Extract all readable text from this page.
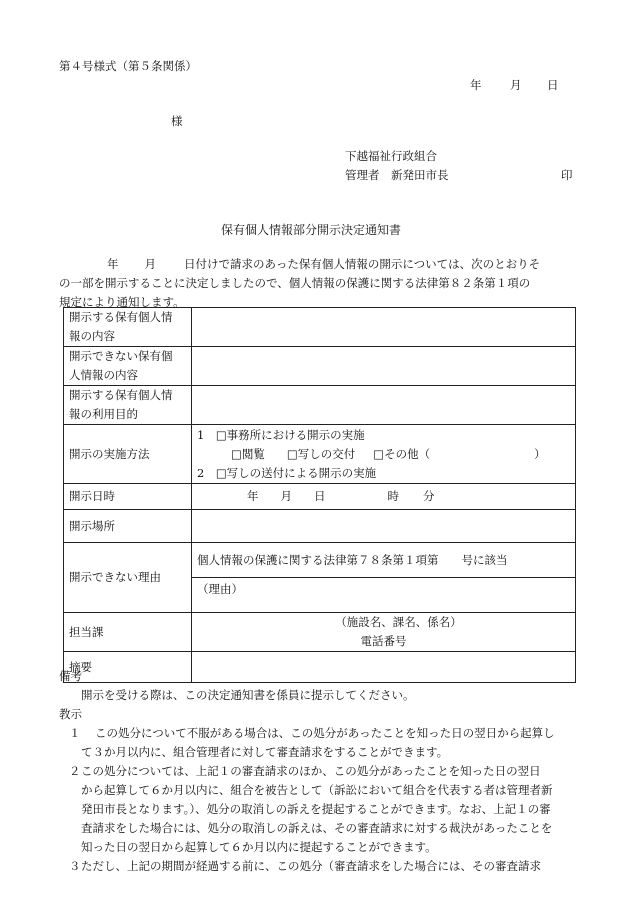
第４号様式（第５条関係）
年 月 日
様
下越福祉行政組合
管理者　新発田市長	印
保有個人情報部分開示決定通知書
年 月 日付けで請求のあった保有個人情報の開示については、次のとおりそ
の一部を開示することに決定しましたので、個人情報の保護に関する法律第８２条第１項の
規定により通知します。
開示する保有個人情
報の内容	

開示できない保有個
人情報の内容	

開示する保有個人情
報の利用目的	

開示の実施方法	1　□事務所における開示の実施
□閲覧 □写しの交付 □その他（ ）
2　□写しの送付による開示の実施

開示日時	年 月 日 時 分
開示場所	
開示できない理由	個人情報の保護に関する法律第７８条第１項第　　号に該当
（理由）

担当課	（施設名、課名、係名）
電話番号

摘要	
備考
開示を受ける際は、この決定通知書を係員に提示してください。
教示
１	この処分について不服がある場合は、この処分があったことを知った日の翌日から起算し
て３か月以内に、組合管理者に対して審査請求をすることができます。
２ この処分については、上記１の審査請求のほか、この処分があったことを知った日の翌日
から起算して６か月以内に、組合を被告として（訴訟において組合を代表する者は管理者新
発田市長となります。）、処分の取消しの訴えを提起することができます。なお、上記１の審
査請求をした場合には、処分の取消しの訴えは、その審査請求に対する裁決があったことを
知った日の翌日から起算して６か月以内に提起することができます。
３ ただし、上記の期間が経過する前に、この処分（審査請求をした場合には、その審査請求
